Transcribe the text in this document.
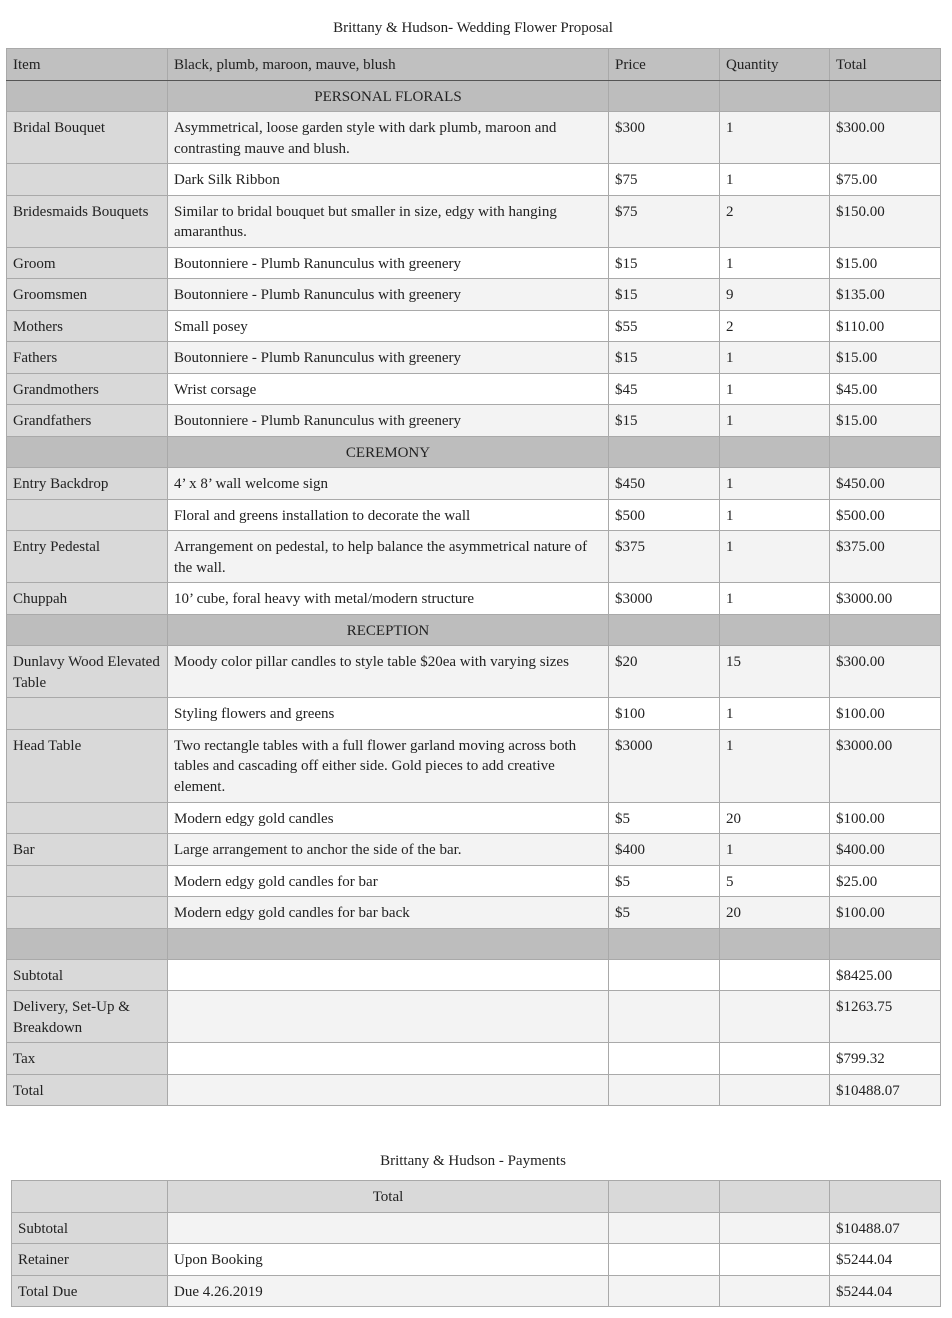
Brittany & Hudson- Wedding Flower Proposal
Item	Black, plumb, maroon, mauve, blush	Price	Quantity	Total
	PERSONAL FLORALS			
Bridal Bouquet	Asymmetrical, loose garden style with dark plumb, maroon and contrasting mauve and blush.	$300	1	$300.00
	Dark Silk Ribbon	$75	1	$75.00
Bridesmaids Bouquets	Similar to bridal bouquet but smaller in size, edgy with hanging amaranthus.	$75	2	$150.00
Groom	Boutonniere - Plumb Ranunculus with greenery	$15	1	$15.00
Groomsmen	Boutonniere - Plumb Ranunculus with greenery	$15	9	$135.00
Mothers	Small posey	$55	2	$110.00
Fathers	Boutonniere - Plumb Ranunculus with greenery	$15	1	$15.00
Grandmothers	Wrist corsage	$45	1	$45.00
Grandfathers	Boutonniere - Plumb Ranunculus with greenery	$15	1	$15.00
	CEREMONY			
Entry Backdrop	4’ x 8’ wall welcome sign	$450	1	$450.00
	Floral and greens installation to decorate the wall	$500	1	$500.00
Entry Pedestal	Arrangement on pedestal, to help balance the asymmetrical nature of the wall.	$375	1	$375.00
Chuppah	10’ cube, foral heavy with metal/modern structure	$3000	1	$3000.00
	RECEPTION			
Dunlavy Wood Elevated Table	Moody color pillar candles to style table $20ea with varying sizes	$20	15	$300.00
	Styling flowers and greens	$100	1	$100.00
Head Table	Two rectangle tables with a full flower garland moving across both tables and cascading off either side. Gold pieces to add creative element.	$3000	1	$3000.00
	Modern edgy gold candles	$5	20	$100.00
Bar	Large arrangement to anchor the side of the bar.	$400	1	$400.00
	Modern edgy gold candles for bar	$5	5	$25.00
	Modern edgy gold candles for bar back	$5	20	$100.00

Subtotal				$8425.00
Delivery, Set-Up & Breakdown				$1263.75
Tax				$799.32
Total				$10488.07
Brittany & Hudson - Payments
	Total			
Subtotal				$10488.07
Retainer	Upon Booking			$5244.04
Total Due	Due 4.26.2019			$5244.04
